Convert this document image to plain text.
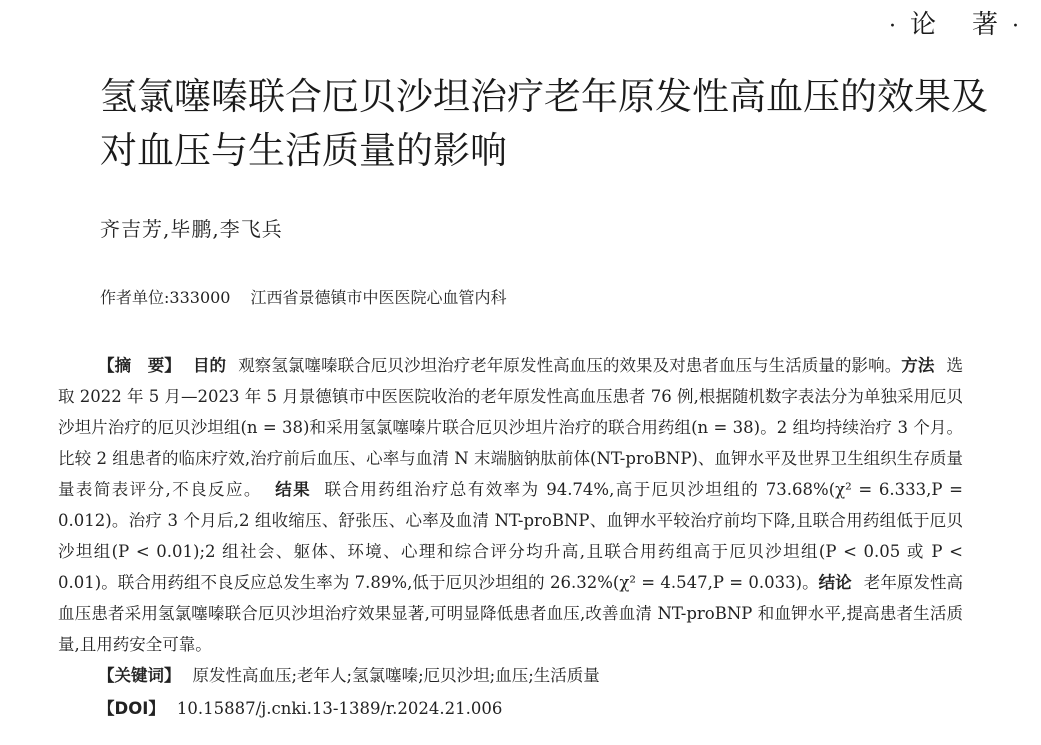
· 论 著 ·
氢氯噻嗪联合厄贝沙坦治疗老年原发性高血压的效果及对血压与生活质量的影响
齐吉芳,毕鹏,李飞兵
作者单位:333000 江西省景德镇市中医医院心血管内科

【摘　要】 目的 观察氢氯噻嗪联合厄贝沙坦治疗老年原发性高血压的效果及对患者血压与生活质量的影响。方法 选取 2022 年 5 月—2023 年 5 月景德镇市中医医院收治的老年原发性高血压患者 76 例,根据随机数字表法分为单独采用厄贝沙坦片治疗的厄贝沙坦组(n = 38)和采用氢氯噻嗪片联合厄贝沙坦片治疗的联合用药组(n = 38)。2 组均持续治疗 3 个月。比较 2 组患者的临床疗效,治疗前后血压、心率与血清 N 末端脑钠肽前体(NT-proBNP)、血钾水平及世界卫生组织生存质量量表简表评分,不良反应。 结果 联合用药组治疗总有效率为 94.74%,高于厄贝沙坦组的 73.68%(χ² = 6.333,P = 0.012)。治疗 3 个月后,2 组收缩压、舒张压、心率及血清 NT-proBNP、血钾水平较治疗前均下降,且联合用药组低于厄贝沙坦组(P < 0.01);2 组社会、躯体、环境、心理和综合评分均升高,且联合用药组高于厄贝沙坦组(P < 0.05 或 P < 0.01)。联合用药组不良反应总发生率为 7.89%,低于厄贝沙坦组的 26.32%(χ² = 4.547,P = 0.033)。结论 老年原发性高血压患者采用氢氯噻嗪联合厄贝沙坦治疗效果显著,可明显降低患者血压,改善血清 NT-proBNP 和血钾水平,提高患者生活质量,且用药安全可靠。

【关键词】 原发性高血压;老年人;氢氯噻嗪;厄贝沙坦;血压;生活质量
【DOI】 10.15887/j.cnki.13-1389/r.2024.21.006
